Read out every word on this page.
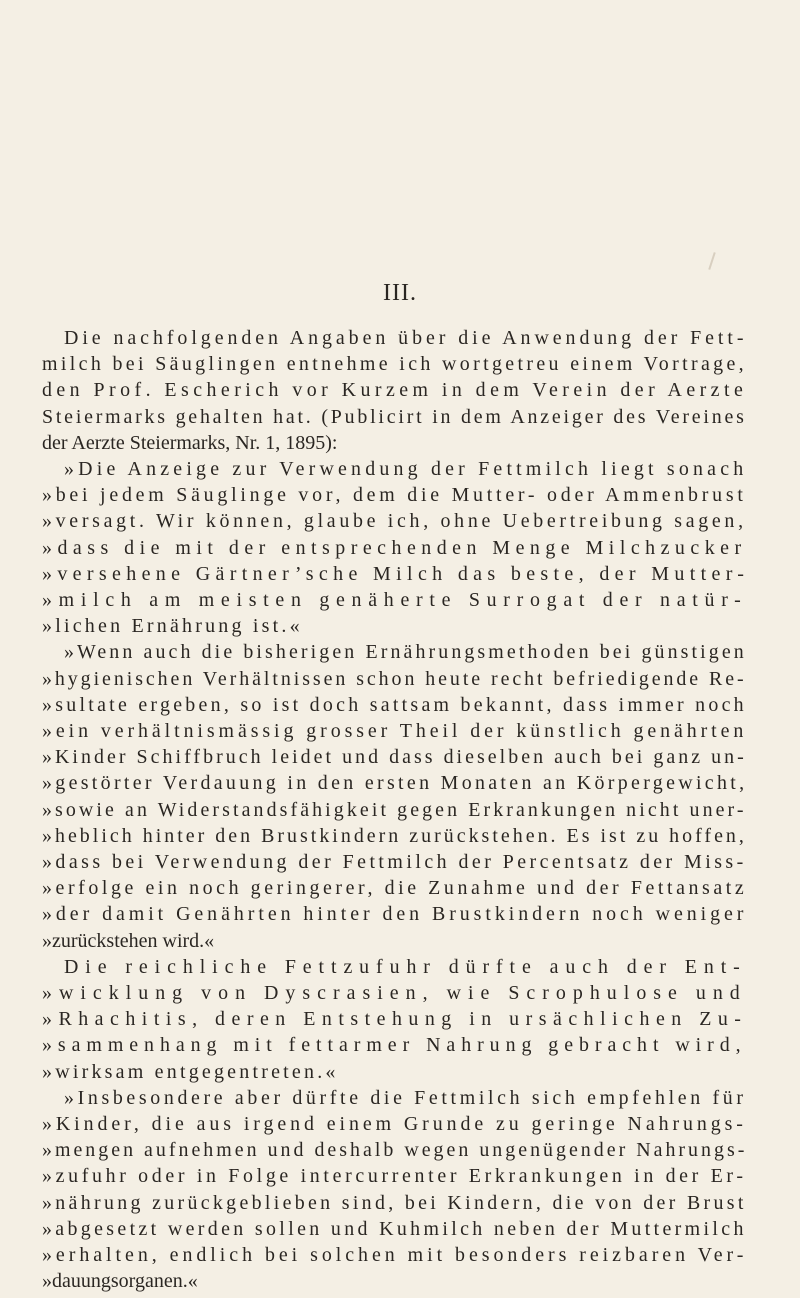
III.
Die nachfolgenden Angaben über die Anwendung der Fett-
milch bei Säuglingen entnehme ich wortgetreu einem Vortrage,
den Prof. Escherich vor Kurzem in dem Verein der Aerzte
Steiermarks gehalten hat. (Publicirt in dem Anzeiger des Vereines
der Aerzte Steiermarks, Nr. 1, 1895):
»Die Anzeige zur Verwendung der Fettmilch liegt sonach
»bei jedem Säuglinge vor, dem die Mutter- oder Ammenbrust
»versagt. Wir können, glaube ich, ohne Uebertreibung sagen,
»dass die mit der entsprechenden Menge Milchzucker
»versehene Gärtner’sche Milch das beste, der Mutter-
»milch am meisten genäherte Surrogat der natür-
»lichen Ernährung ist.«
»Wenn auch die bisherigen Ernährungsmethoden bei günstigen
»hygienischen Verhältnissen schon heute recht befriedigende Re-
»sultate ergeben, so ist doch sattsam bekannt, dass immer noch
»ein verhältnismässig grosser Theil der künstlich genährten
»Kinder Schiffbruch leidet und dass dieselben auch bei ganz un-
»gestörter Verdauung in den ersten Monaten an Körpergewicht,
»sowie an Widerstandsfähigkeit gegen Erkrankungen nicht uner-
»heblich hinter den Brustkindern zurückstehen. Es ist zu hoffen,
»dass bei Verwendung der Fettmilch der Percentsatz der Miss-
»erfolge ein noch geringerer, die Zunahme und der Fettansatz
»der damit Genährten hinter den Brustkindern noch weniger
»zurückstehen wird.«
Die reichliche Fettzufuhr dürfte auch der Ent-
»wicklung von Dyscrasien, wie Scrophulose und
»Rhachitis, deren Entstehung in ursächlichen Zu-
»sammenhang mit fettarmer Nahrung gebracht wird,
»wirksam entgegentreten.«
»Insbesondere aber dürfte die Fettmilch sich empfehlen für
»Kinder, die aus irgend einem Grunde zu geringe Nahrungs-
»mengen aufnehmen und deshalb wegen ungenügender Nahrungs-
»zufuhr oder in Folge intercurrenter Erkrankungen in der Er-
»nährung zurückgeblieben sind, bei Kindern, die von der Brust
»abgesetzt werden sollen und Kuhmilch neben der Muttermilch
»erhalten, endlich bei solchen mit besonders reizbaren Ver-
»dauungsorganen.«
